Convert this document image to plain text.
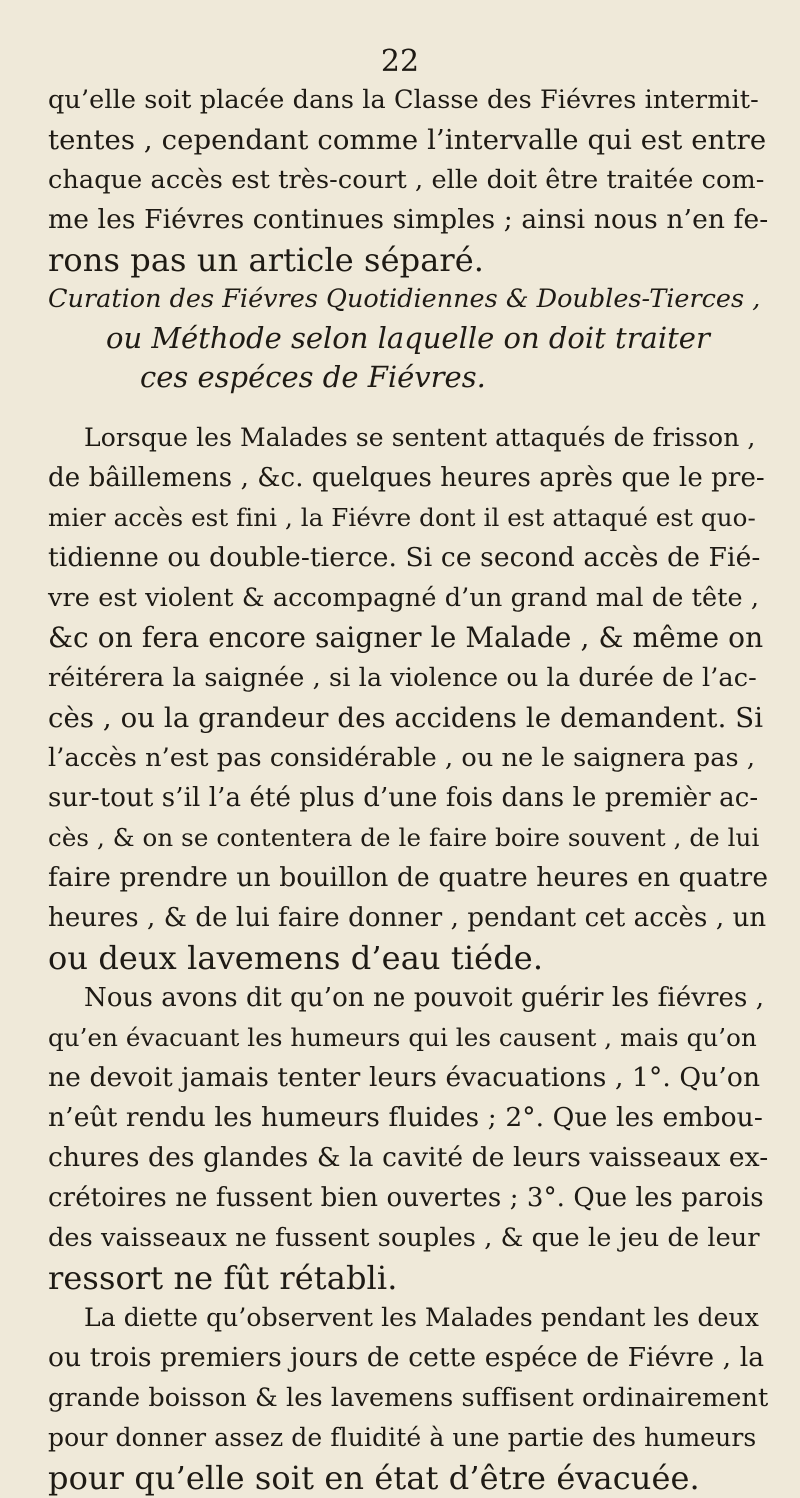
22
qu’elle soit placée dans la Classe des Fiévres intermit-
tentes , cependant comme l’intervalle qui est entre
chaque accès est très-court , elle doit être traitée com-
me les Fiévres continues simples ; ainsi nous n’en fe-
rons pas un article séparé.
Curation des Fiévres Quotidiennes & Doubles-Tierces ,
ou Méthode selon laquelle on doit traiter
ces espéces de Fiévres.
Lorsque les Malades se sentent attaqués de frisson ,
de bâillemens , &c. quelques heures après que le pre-
mier accès est fini , la Fiévre dont il est attaqué est quo-
tidienne ou double-tierce. Si ce second accès de Fié-
vre est violent & accompagné d’un grand mal de tête ,
&c on fera encore saigner le Malade , & même on
réitérera la saignée , si la violence ou la durée de l’ac-
cès , ou la grandeur des accidens le demandent. Si
l’accès n’est pas considérable , ou ne le saignera pas ,
sur-tout s’il l’a été plus d’une fois dans le premièr ac-
cès , & on se contentera de le faire boire souvent , de lui
faire prendre un bouillon de quatre heures en quatre
heures , & de lui faire donner , pendant cet accès , un
ou deux lavemens d’eau tiéde.
Nous avons dit qu’on ne pouvoit guérir les fiévres ,
qu’en évacuant les humeurs qui les causent , mais qu’on
ne devoit jamais tenter leurs évacuations , 1°. Qu’on
n’eût rendu les humeurs fluides ; 2°. Que les embou-
chures des glandes & la cavité de leurs vaisseaux ex-
crétoires ne fussent bien ouvertes ; 3°. Que les parois
des vaisseaux ne fussent souples , & que le jeu de leur
ressort ne fût rétabli.
La diette qu’observent les Malades pendant les deux
ou trois premiers jours de cette espéce de Fiévre , la
grande boisson & les lavemens suffisent ordinairement
pour donner assez de fluidité à une partie des humeurs
pour qu’elle soit en état d’être évacuée.
